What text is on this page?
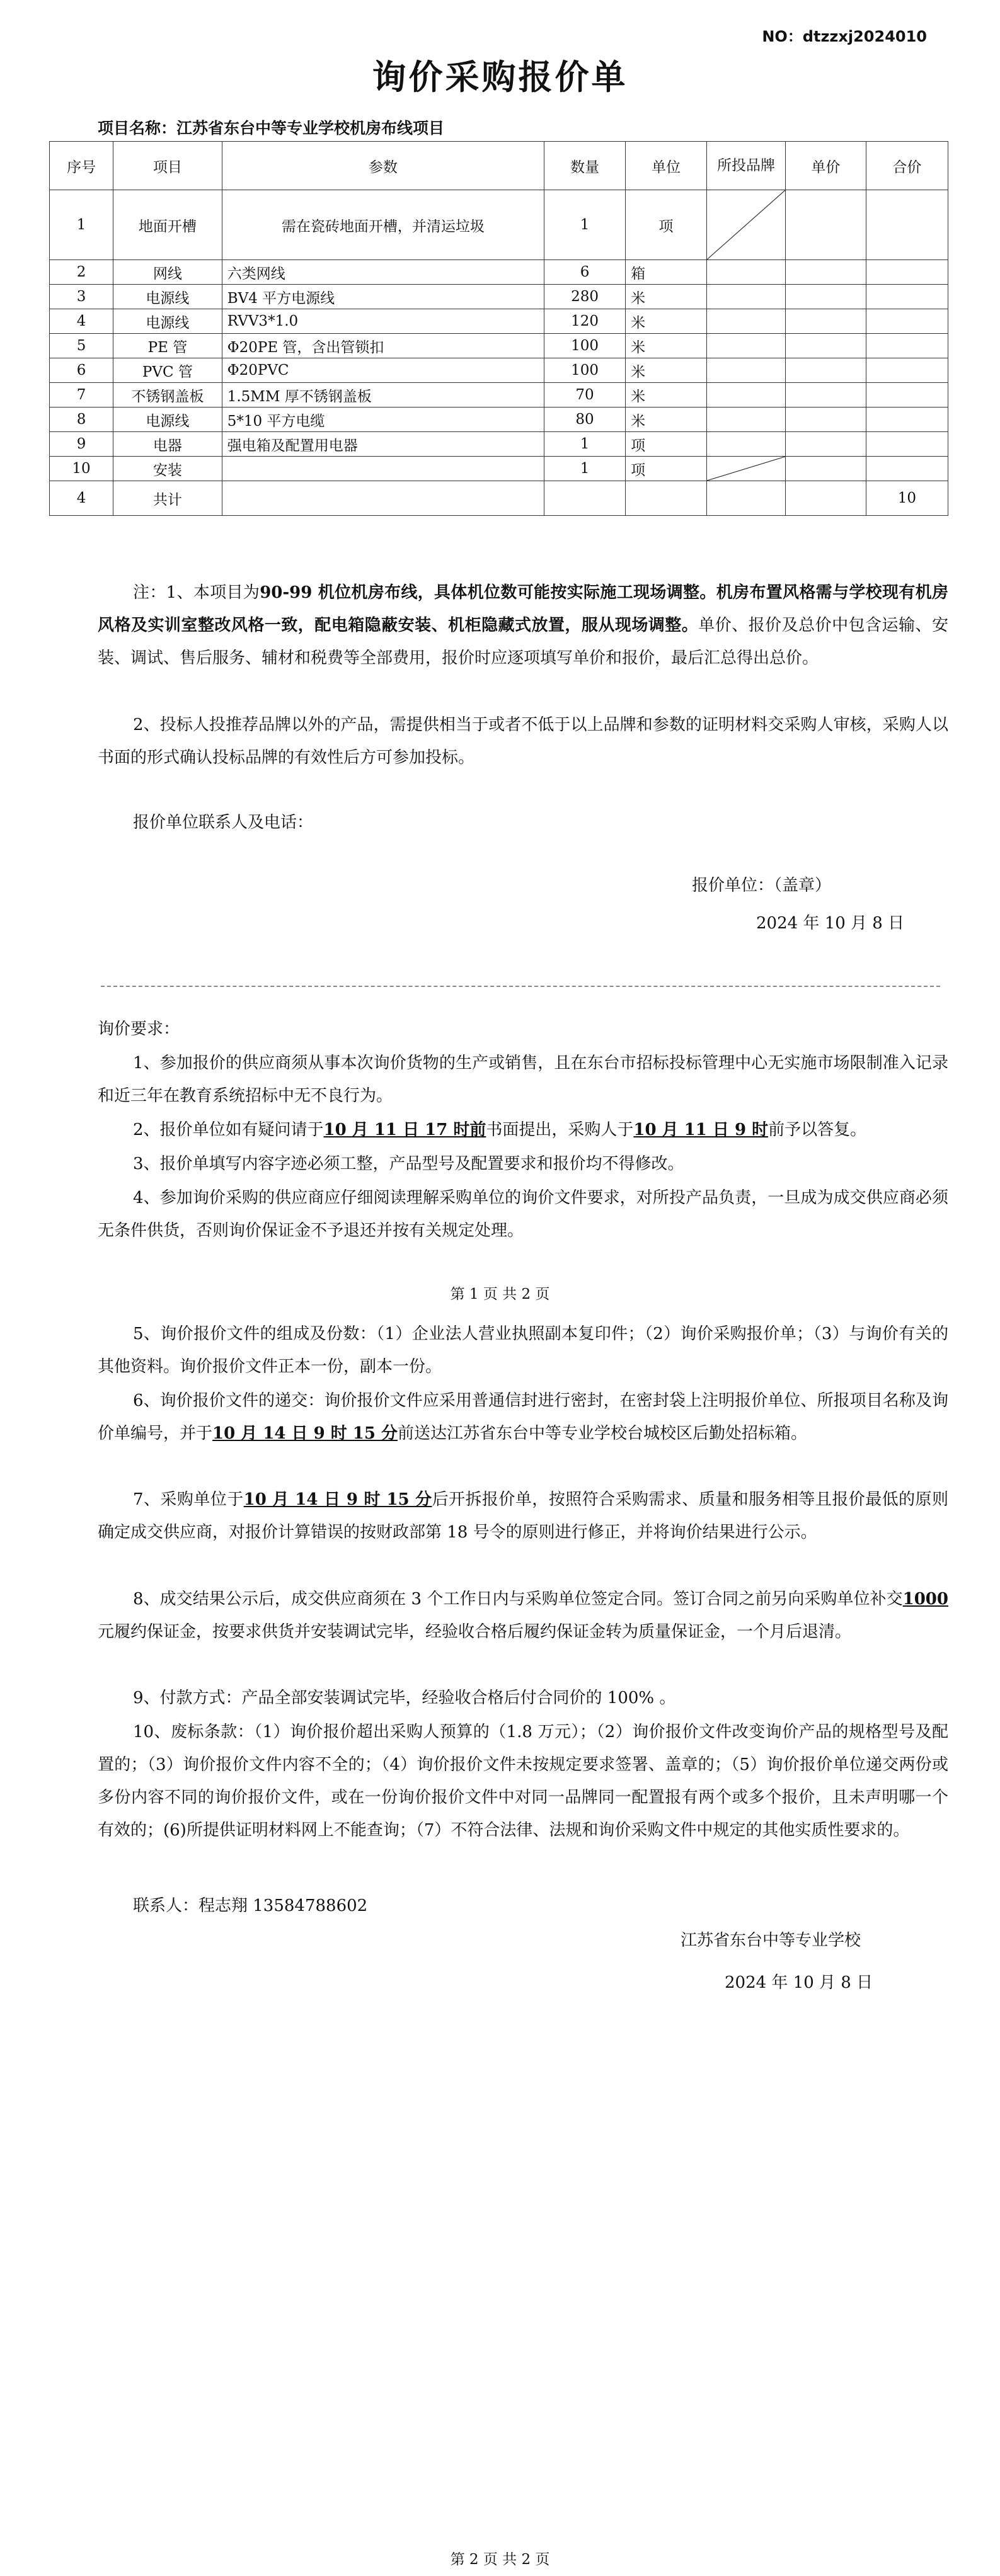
NO：dtzzxj2024010
询价采购报价单
项目名称：江苏省东台中等专业学校机房布线项目
序号	项目	参数	数量	单位	所投品牌	单价	合价
1	地面开槽	需在瓷砖地面开槽，并清运垃圾	1	项	

2	网线	六类网线	6	箱			
3	电源线	BV4 平方电源线	280	米			
4	电源线	RVV3*1.0	120	米			
5	PE 管	Φ20PE 管，含出管锁扣	100	米			
6	PVC 管	Φ20PVC	100	米			
7	不锈钢盖板	1.5MM 厚不锈钢盖板	70	米			
8	电源线	5*10 平方电缆	80	米			
9	电器	强电箱及配置用电器	1	项			
10	安装		1	项	

4	共计						10
注：1、本项目为90-99 机位机房布线，具体机位数可能按实际施工现场调整。机房布置风格需与学校现有机房风格及实训室整改风格一致，配电箱隐蔽安装、机柜隐藏式放置，服从现场调整。单价、报价及总价中包含运输、安装、调试、售后服务、辅材和税费等全部费用，报价时应逐项填写单价和报价，最后汇总得出总价。
2、投标人投推荐品牌以外的产品，需提供相当于或者不低于以上品牌和参数的证明材料交采购人审核，采购人以书面的形式确认投标品牌的有效性后方可参加投标。
报价单位联系人及电话：
报价单位：（盖章）
2024 年 10 月 8 日
询价要求：
1、参加报价的供应商须从事本次询价货物的生产或销售，且在东台市招标投标管理中心无实施市场限制准入记录和近三年在教育系统招标中无不良行为。
2、报价单位如有疑问请于10 月 11 日 17 时前书面提出，采购人于10 月 11 日 9 时前予以答复。
3、报价单填写内容字迹必须工整，产品型号及配置要求和报价均不得修改。
4、参加询价采购的供应商应仔细阅读理解采购单位的询价文件要求，对所投产品负责，一旦成为成交供应商必须无条件供货，否则询价保证金不予退还并按有关规定处理。
第 1 页 共 2 页
5、询价报价文件的组成及份数：（1）企业法人营业执照副本复印件；（2）询价采购报价单；（3）与询价有关的其他资料。询价报价文件正本一份，副本一份。
6、询价报价文件的递交：询价报价文件应采用普通信封进行密封，在密封袋上注明报价单位、所报项目名称及询价单编号，并于10 月 14 日 9 时 15 分前送达江苏省东台中等专业学校台城校区后勤处招标箱。
7、采购单位于10 月 14 日 9 时 15 分后开拆报价单，按照符合采购需求、质量和服务相等且报价最低的原则确定成交供应商，对报价计算错误的按财政部第 18 号令的原则进行修正，并将询价结果进行公示。
8、成交结果公示后，成交供应商须在 3 个工作日内与采购单位签定合同。签订合同之前另向采购单位补交1000元履约保证金，按要求供货并安装调试完毕，经验收合格后履约保证金转为质量保证金，一个月后退清。
9、付款方式：产品全部安装调试完毕，经验收合格后付合同价的 100% 。
10、废标条款：（1）询价报价超出采购人预算的（1.8 万元）；（2）询价报价文件改变询价产品的规格型号及配置的；（3）询价报价文件内容不全的；（4）询价报价文件未按规定要求签署、盖章的；（5）询价报价单位递交两份或多份内容不同的询价报价文件，或在一份询价报价文件中对同一品牌同一配置报有两个或多个报价，且未声明哪一个有效的；(6)所提供证明材料网上不能查询；（7）不符合法律、法规和询价采购文件中规定的其他实质性要求的。
联系人：程志翔 13584788602
江苏省东台中等专业学校
2024 年 10 月 8 日
第 2 页 共 2 页
